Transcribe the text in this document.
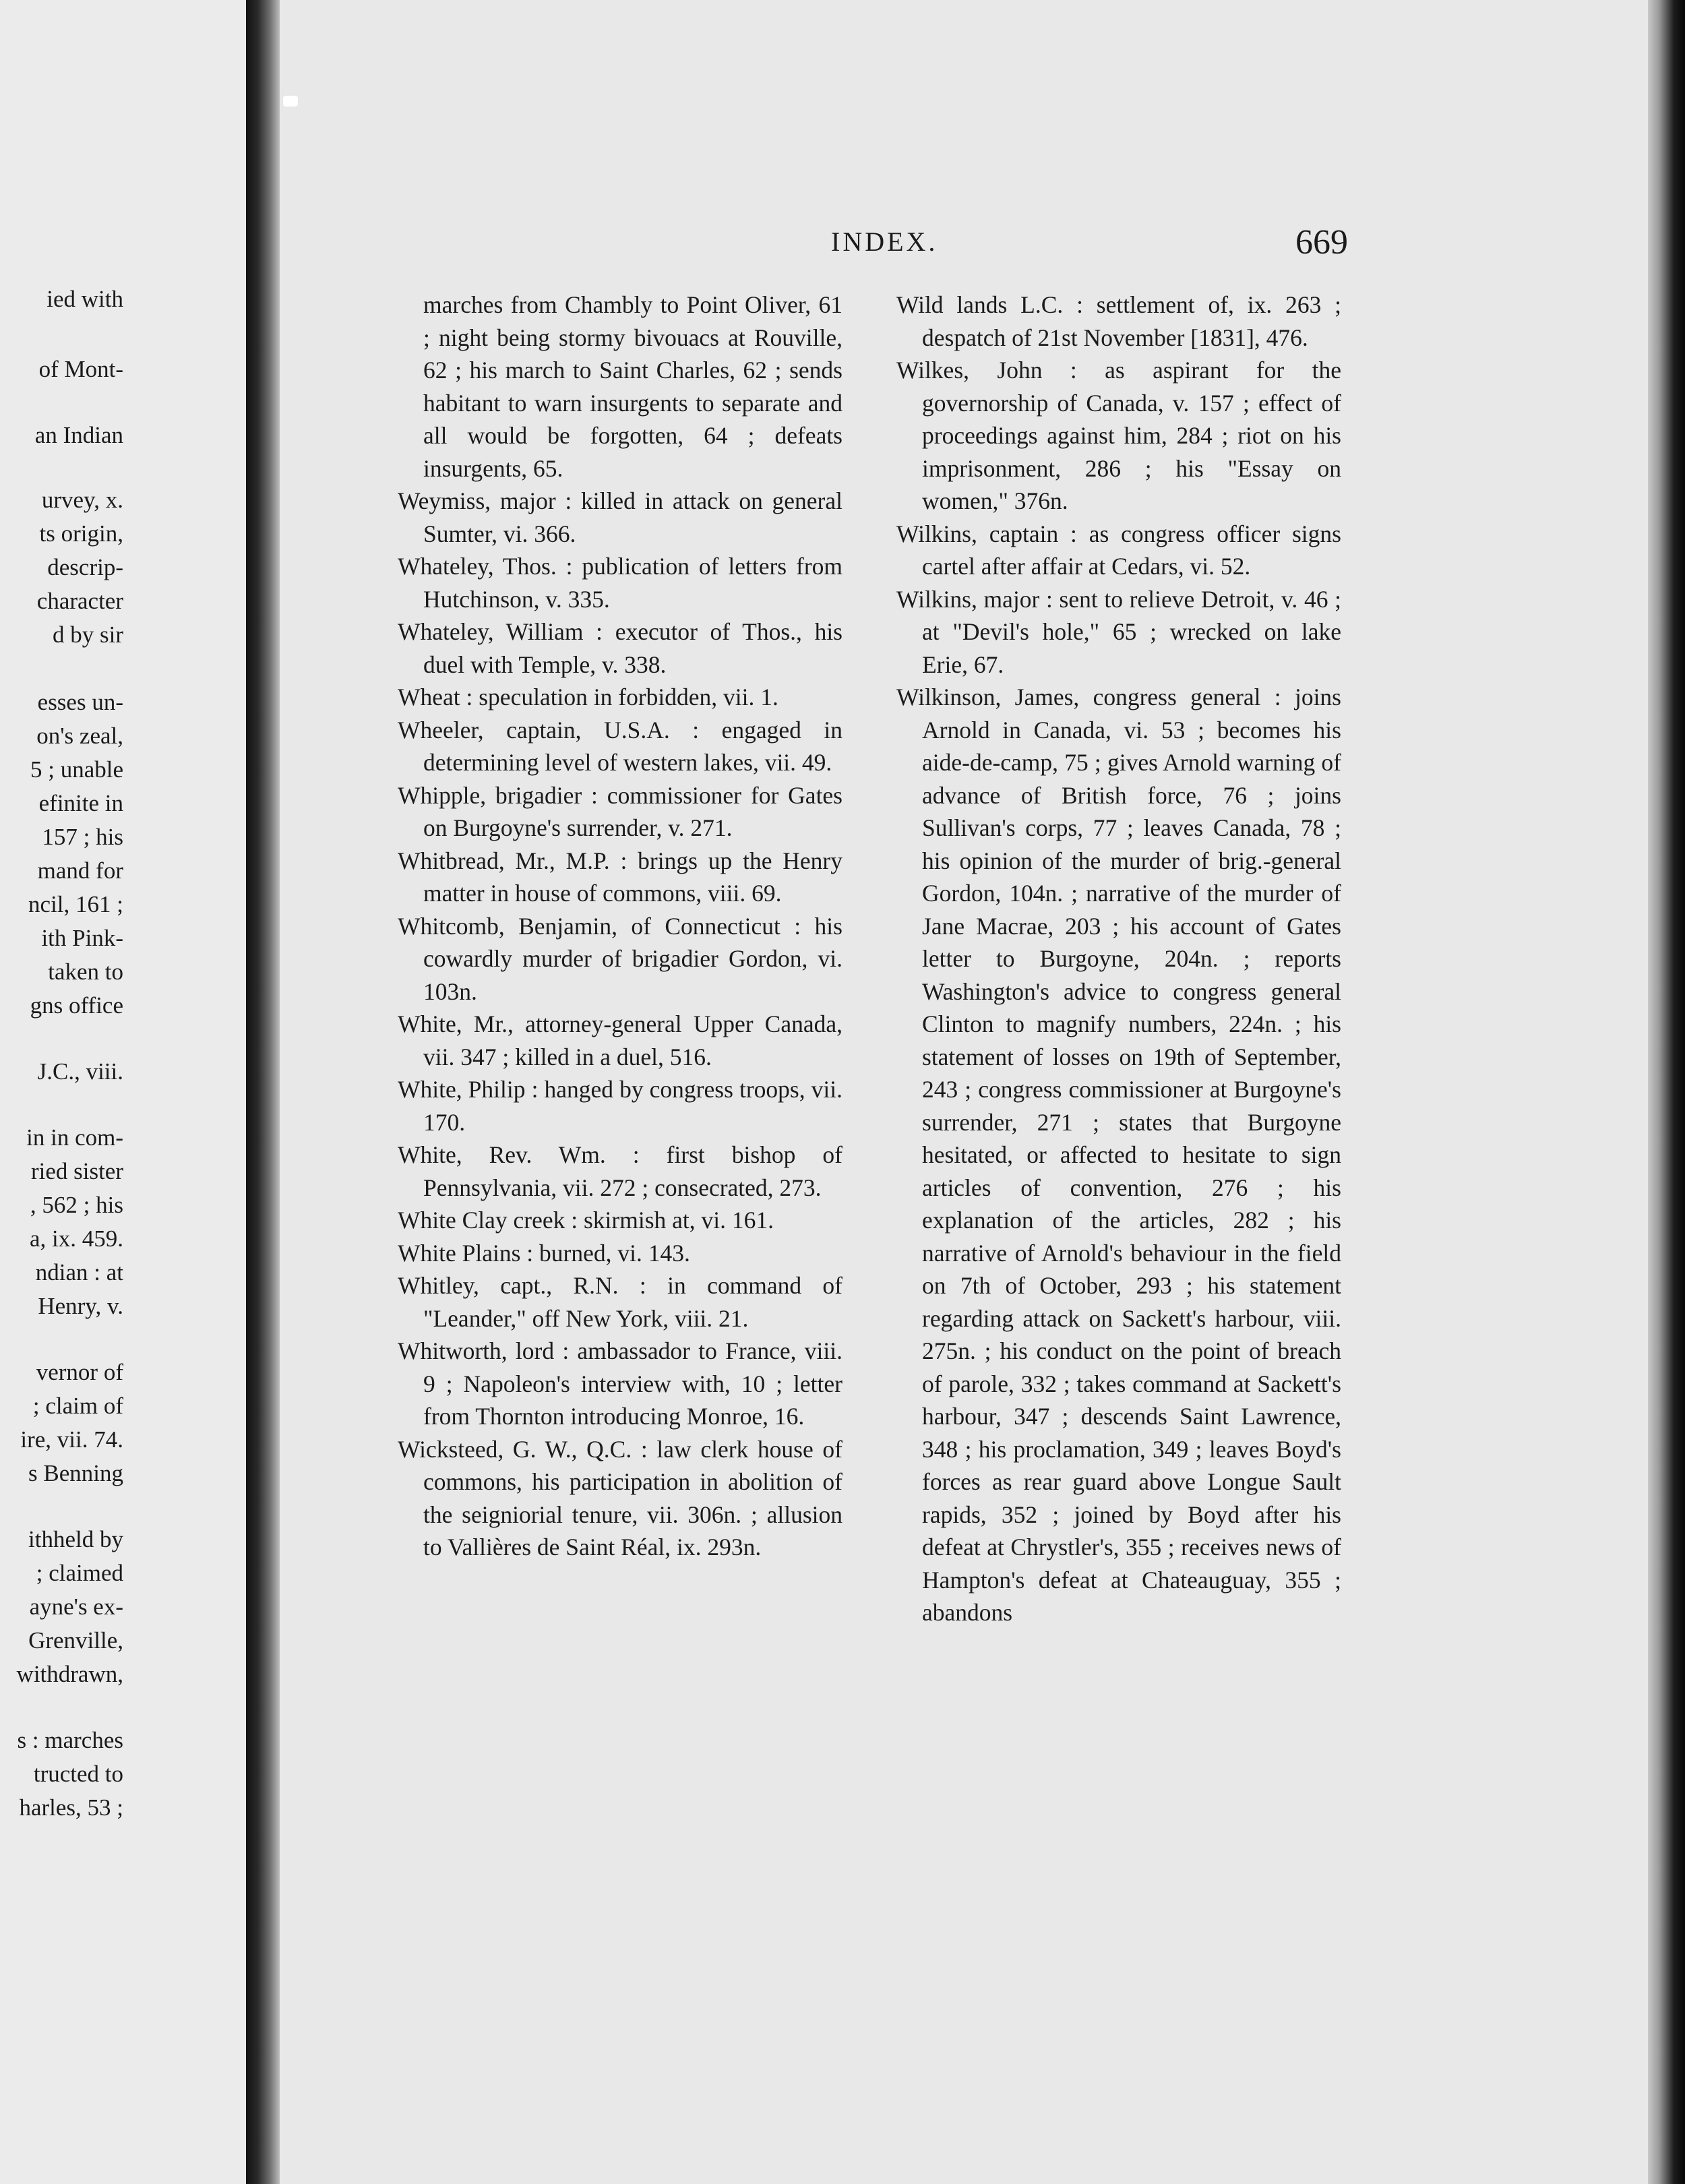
ied with
of Mont-
an Indian
urvey, x.
ts origin,
descrip-
character
d by sir
esses un-
on's zeal,
5 ; unable
efinite in
157 ; his
mand for
ncil, 161 ;
ith Pink-
taken to
gns office
J.C., viii.
in in com-
ried sister
, 562 ; his
a, ix. 459.
ndian : at
Henry, v.
vernor of
; claim of
ire, vii. 74.
s Benning
ithheld by
; claimed
ayne's ex-
Grenville,
withdrawn,
s : marches
tructed to
harles, 53 ;
INDEX.	669
marches from Chambly to Point Oliver, 61 ; night being stormy bivouacs at Rouville, 62 ; his march to Saint Charles, 62 ; sends habitant to warn insurgents to separate and all would be forgotten, 64 ; defeats insurgents, 65.
Weymiss, major : killed in attack on general Sumter, vi. 366.
Whateley, Thos. : publication of letters from Hutchinson, v. 335.
Whateley, William : executor of Thos., his duel with Temple, v. 338.
Wheat : speculation in forbidden, vii. 1.
Wheeler, captain, U.S.A. : engaged in determining level of western lakes, vii. 49.
Whipple, brigadier : commissioner for Gates on Burgoyne's surrender, v. 271.
Whitbread, Mr., M.P. : brings up the Henry matter in house of commons, viii. 69.
Whitcomb, Benjamin, of Connecticut : his cowardly murder of brigadier Gordon, vi. 103n.
White, Mr., attorney-general Upper Canada, vii. 347 ; killed in a duel, 516.
White, Philip : hanged by congress troops, vii. 170.
White, Rev. Wm. : first bishop of Pennsylvania, vii. 272 ; consecrated, 273.
White Clay creek : skirmish at, vi. 161.
White Plains : burned, vi. 143.
Whitley, capt., R.N. : in command of "Leander," off New York, viii. 21.
Whitworth, lord : ambassador to France, viii. 9 ; Napoleon's interview with, 10 ; letter from Thornton introducing Monroe, 16.
Wicksteed, G. W., Q.C. : law clerk house of commons, his participation in abolition of the seigniorial tenure, vii. 306n. ; allusion to Vallières de Saint Réal, ix. 293n.
Wild lands L.C. : settlement of, ix. 263 ; despatch of 21st November [1831], 476.
Wilkes, John : as aspirant for the governorship of Canada, v. 157 ; effect of proceedings against him, 284 ; riot on his imprisonment, 286 ; his "Essay on women," 376n.
Wilkins, captain : as congress officer signs cartel after affair at Cedars, vi. 52.
Wilkins, major : sent to relieve Detroit, v. 46 ; at "Devil's hole," 65 ; wrecked on lake Erie, 67.
Wilkinson, James, congress general : joins Arnold in Canada, vi. 53 ; becomes his aide-de-camp, 75 ; gives Arnold warning of advance of British force, 76 ; joins Sullivan's corps, 77 ; leaves Canada, 78 ; his opinion of the murder of brig.-general Gordon, 104n. ; narrative of the murder of Jane Macrae, 203 ; his account of Gates letter to Burgoyne, 204n. ; reports Washington's advice to congress general Clinton to magnify numbers, 224n. ; his statement of losses on 19th of September, 243 ; congress commissioner at Burgoyne's surrender, 271 ; states that Burgoyne hesitated, or affected to hesitate to sign articles of convention, 276 ; his explanation of the articles, 282 ; his narrative of Arnold's behaviour in the field on 7th of October, 293 ; his statement regarding attack on Sackett's harbour, viii. 275n. ; his conduct on the point of breach of parole, 332 ; takes command at Sackett's harbour, 347 ; descends Saint Lawrence, 348 ; his proclamation, 349 ; leaves Boyd's forces as rear guard above Longue Sault rapids, 352 ; joined by Boyd after his defeat at Chrystler's, 355 ; receives news of Hampton's defeat at Chateauguay, 355 ; abandons
